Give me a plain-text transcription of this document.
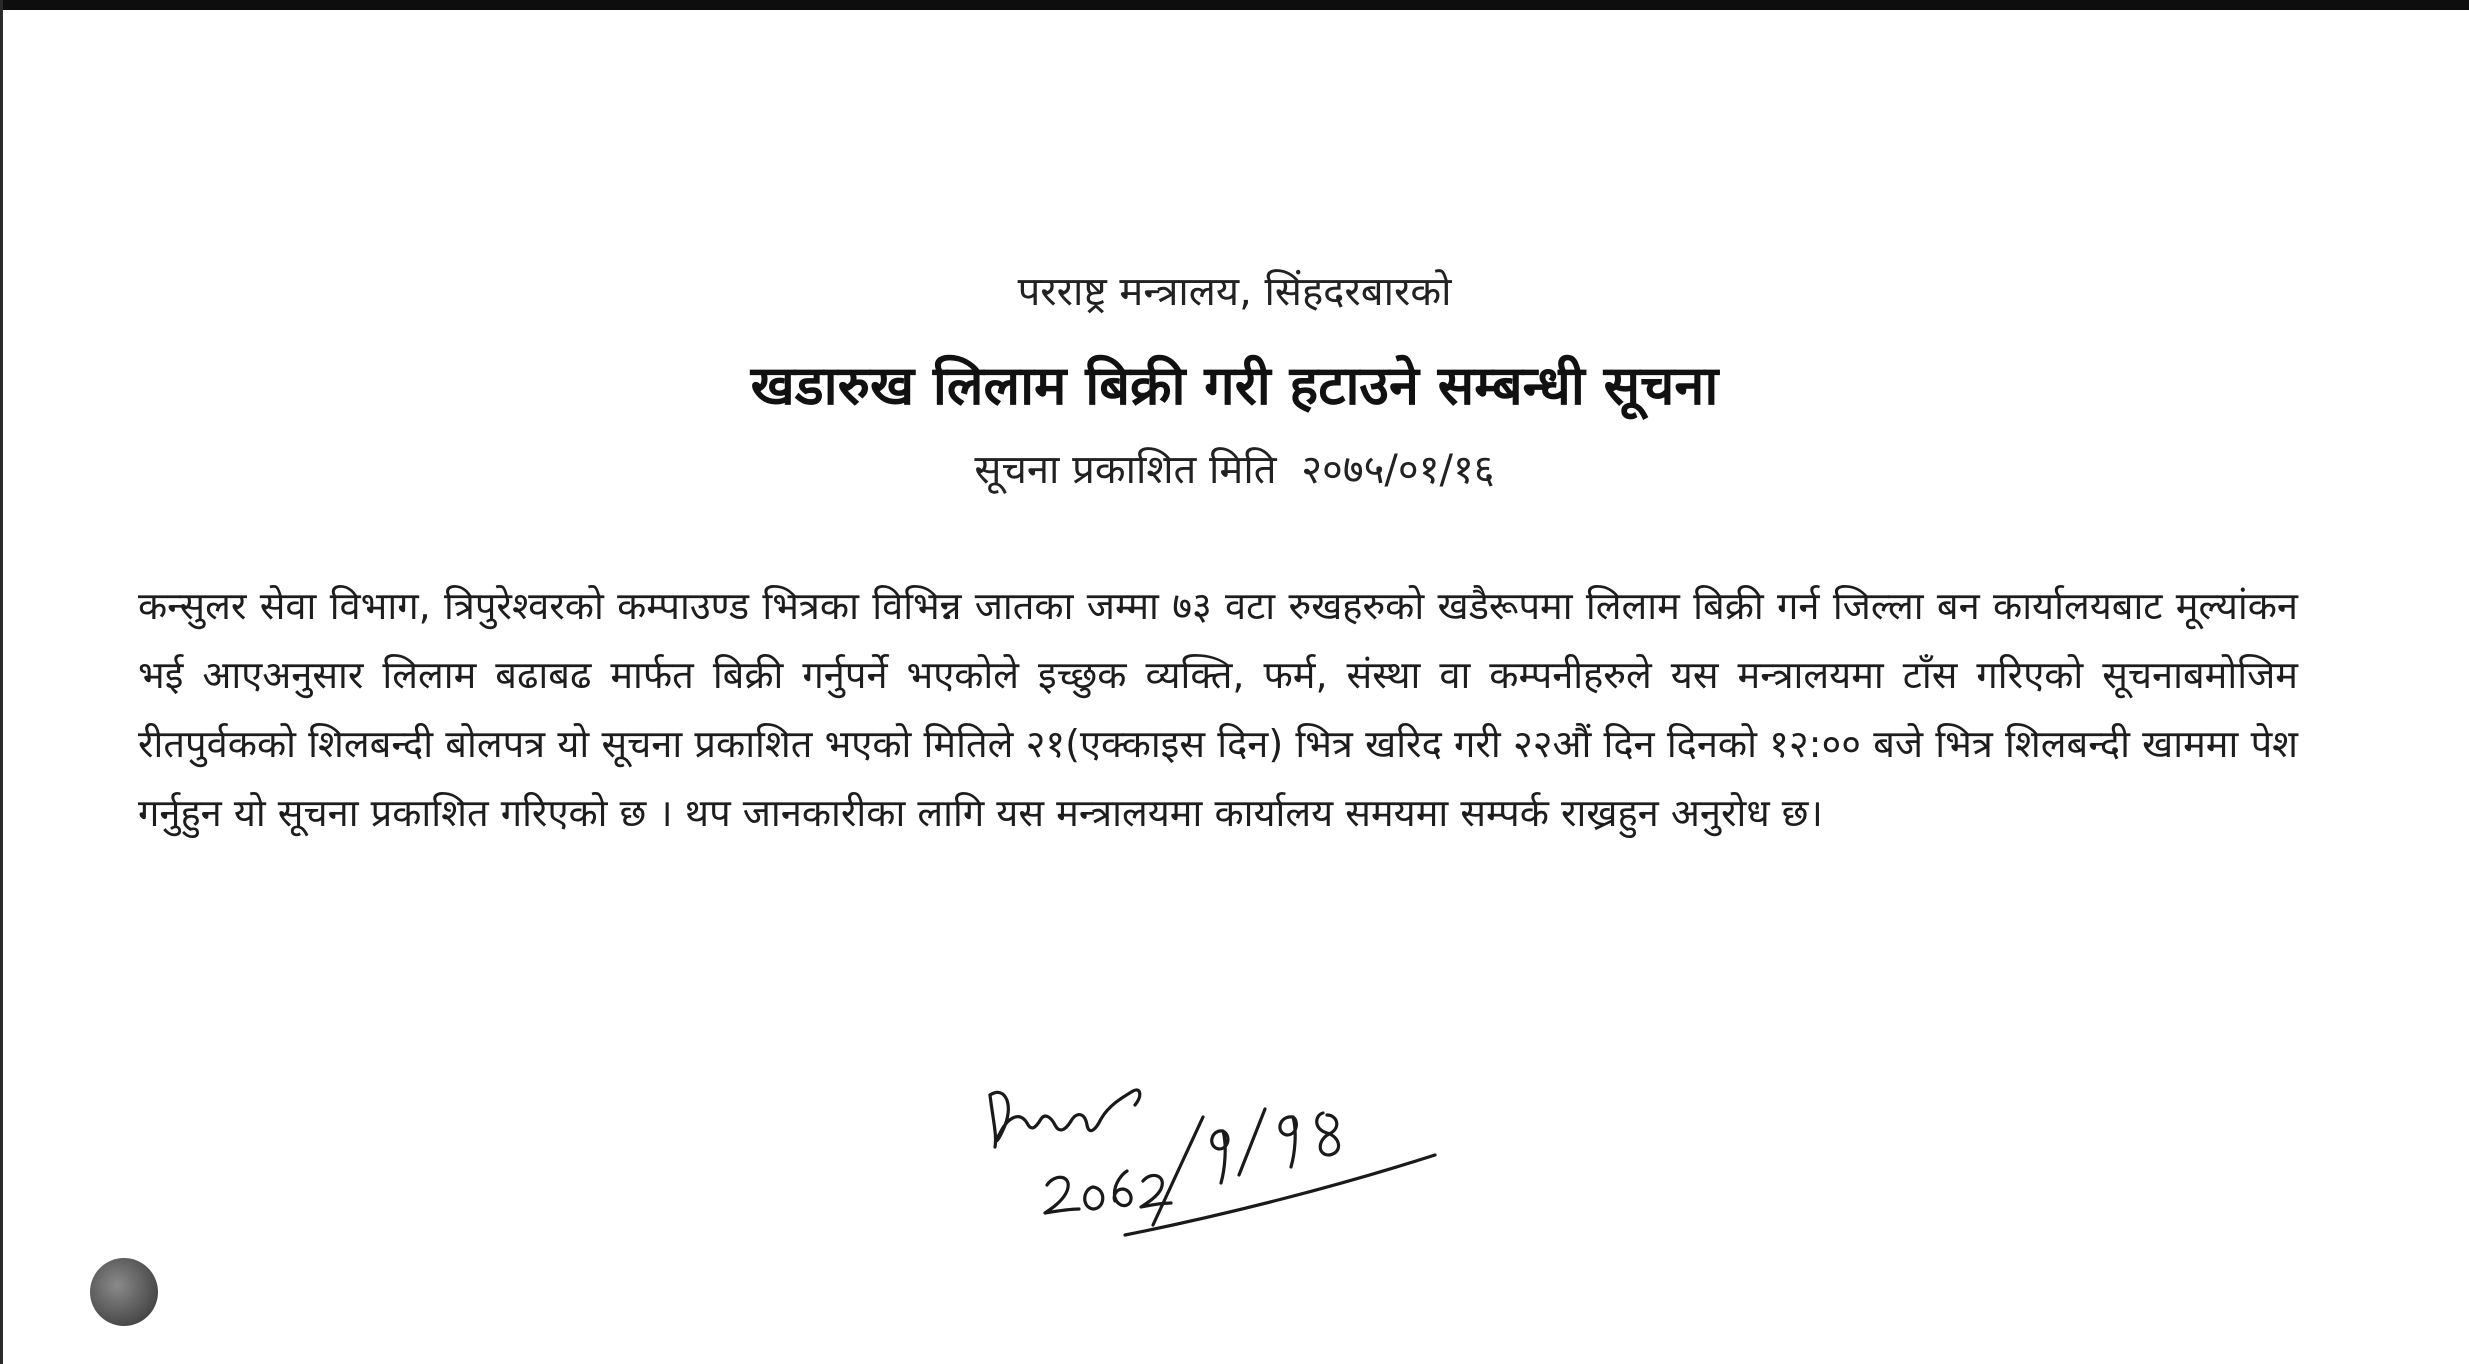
परराष्ट्र मन्त्रालय, सिंहदरबारको
खडारुख लिलाम बिक्री गरी हटाउने सम्बन्धी सूचना
सूचना प्रकाशित मिति २०७५/०१/१६
कन्सुलर सेवा विभाग, त्रिपुरेश्वरको कम्पाउण्ड भित्रका विभिन्न जातका जम्मा ७३ वटा रुखहरुको खडैरूपमा लिलाम बिक्री गर्न जिल्ला बन कार्यालयबाट मूल्यांकन भई आएअनुसार लिलाम बढाबढ मार्फत बिक्री गर्नुपर्ने भएकोले इच्छुक व्यक्ति, फर्म, संस्था वा कम्पनीहरुले यस मन्त्रालयमा टाँस गरिएको सूचनाबमोजिम रीतपुर्वकको शिलबन्दी बोलपत्र यो सूचना प्रकाशित भएको मितिले २१(एक्काइस दिन) भित्र खरिद गरी २२औं दिन दिनको १२:०० बजे भित्र शिलबन्दी खाममा पेश गर्नुहुन यो सूचना प्रकाशित गरिएको छ । थप जानकारीका लागि यस मन्त्रालयमा कार्यालय समयमा सम्पर्क राख्रहुन अनुरोध छ।
